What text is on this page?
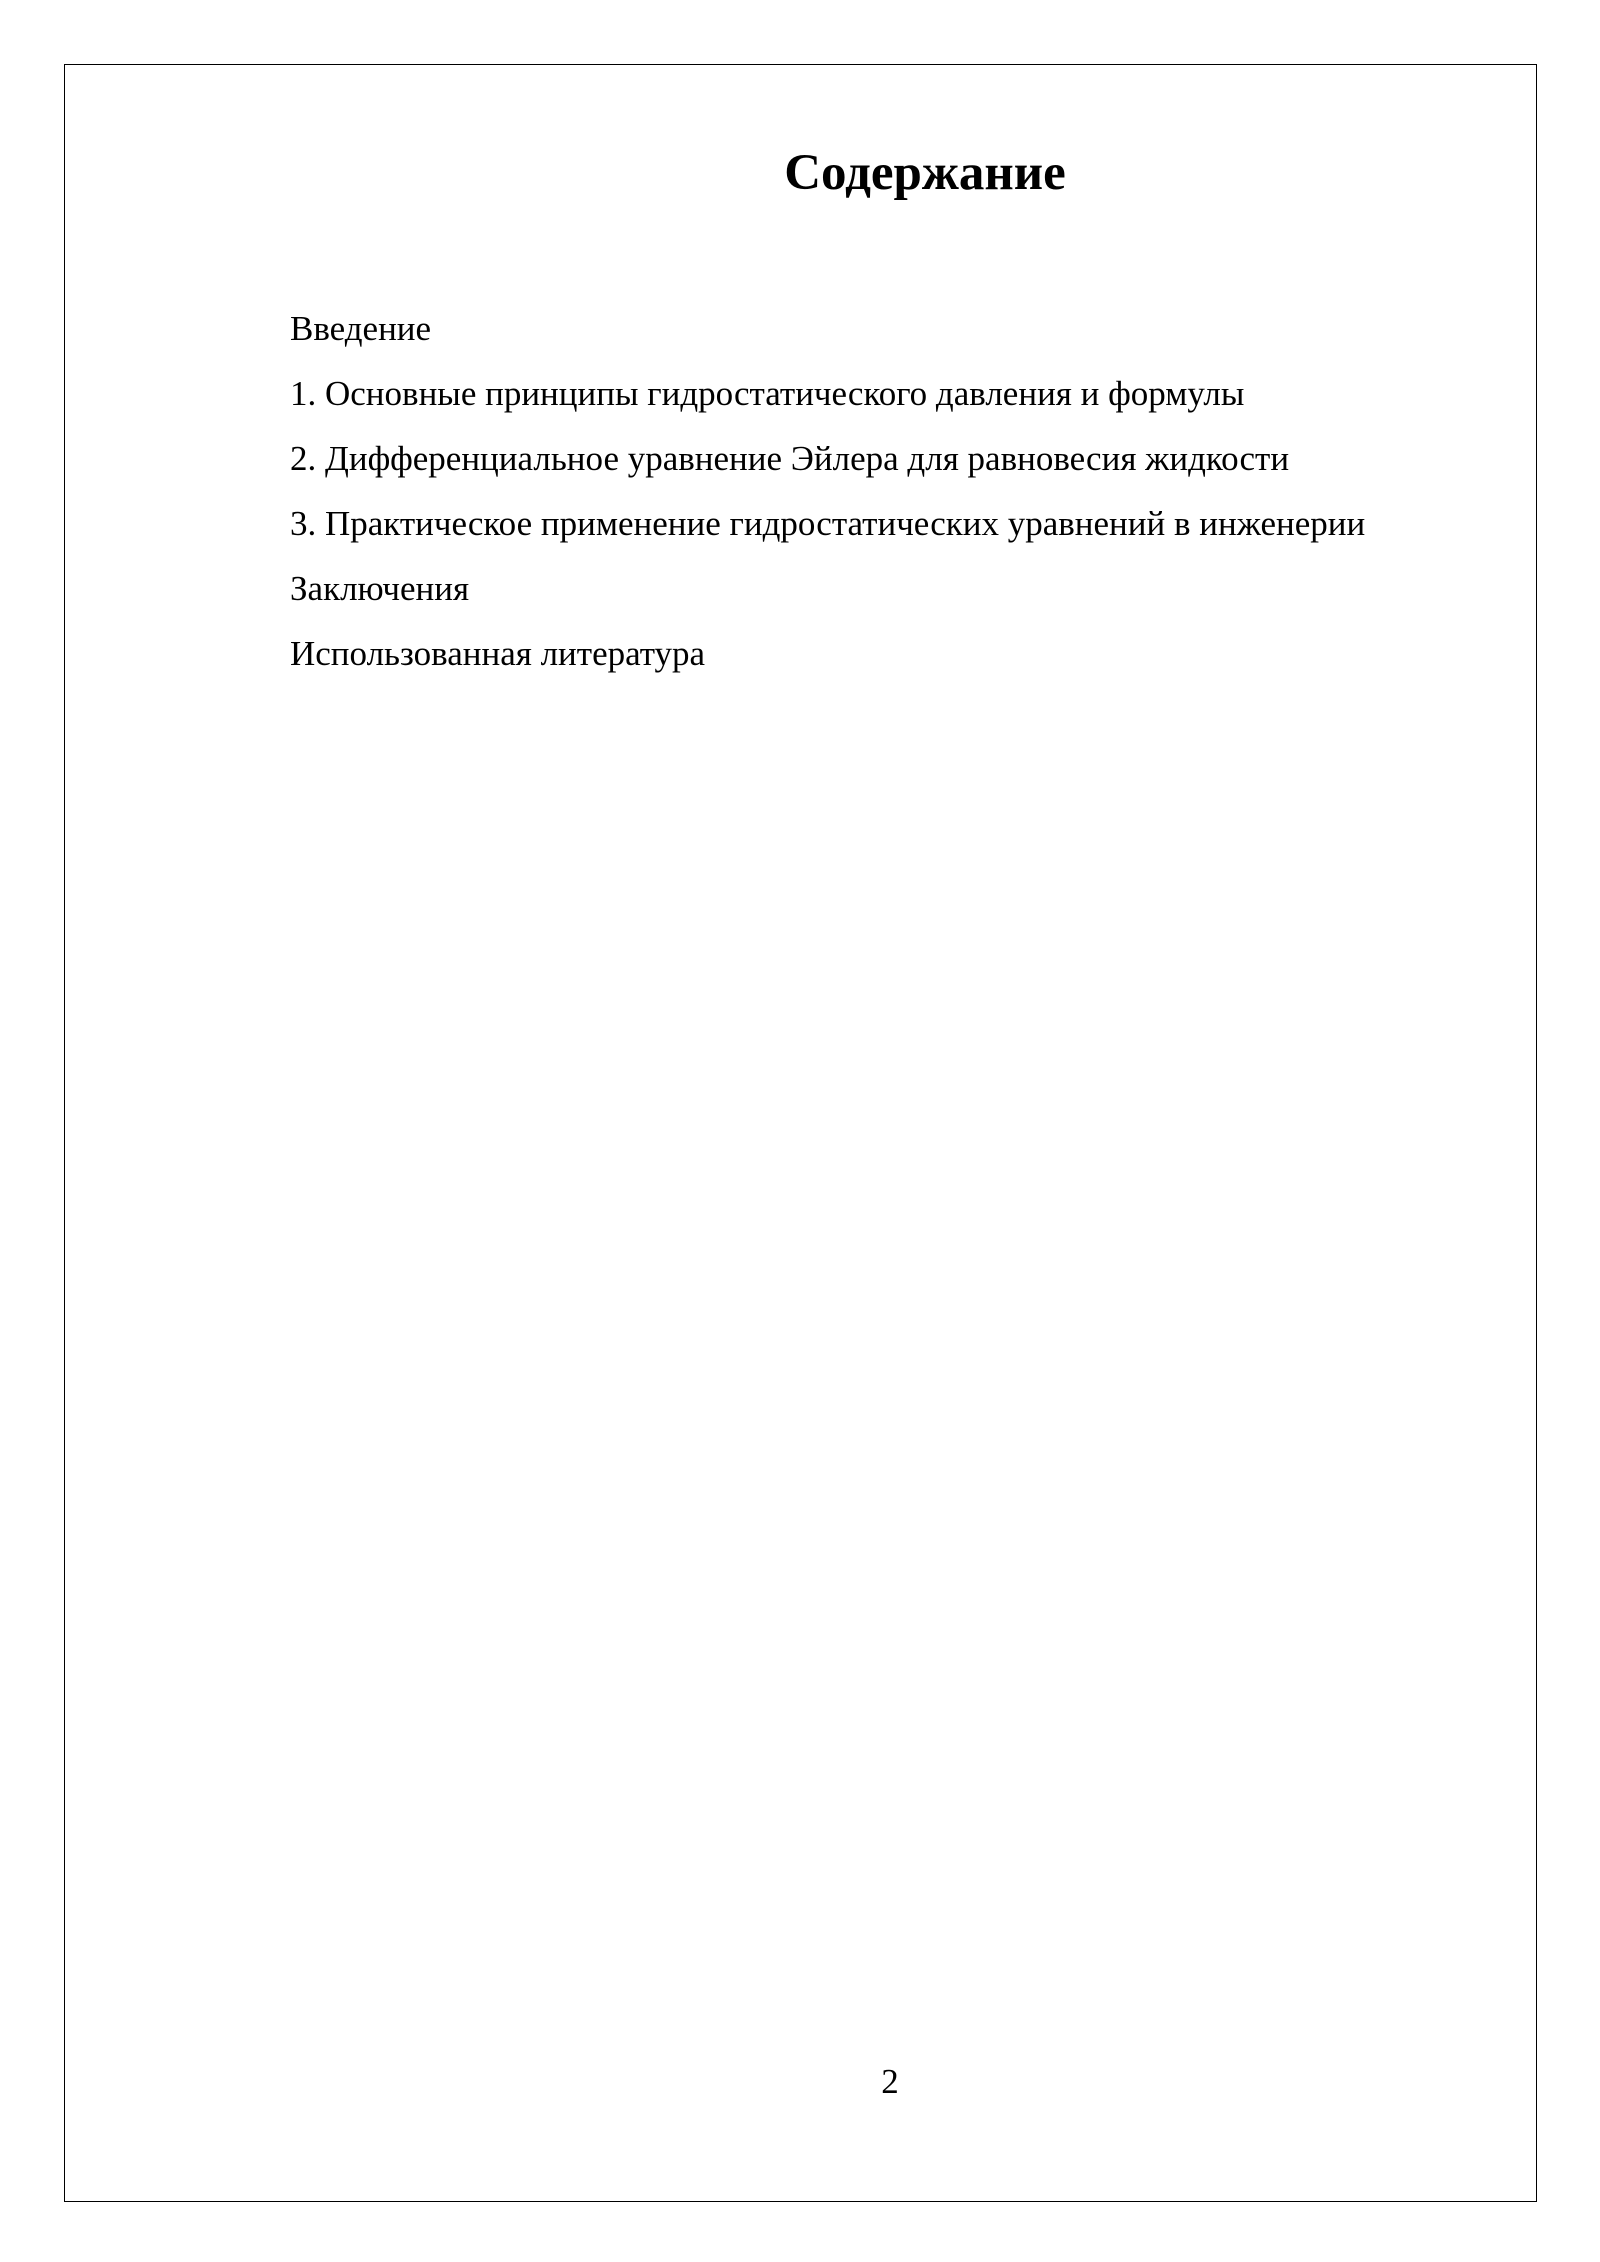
Содержание
Введение
1. Основные принципы гидростатического давления и формулы
2. Дифференциальное уравнение Эйлера для равновесия жидкости
3. Практическое применение гидростатических уравнений в инженерии
Заключения
Использованная литература
2
